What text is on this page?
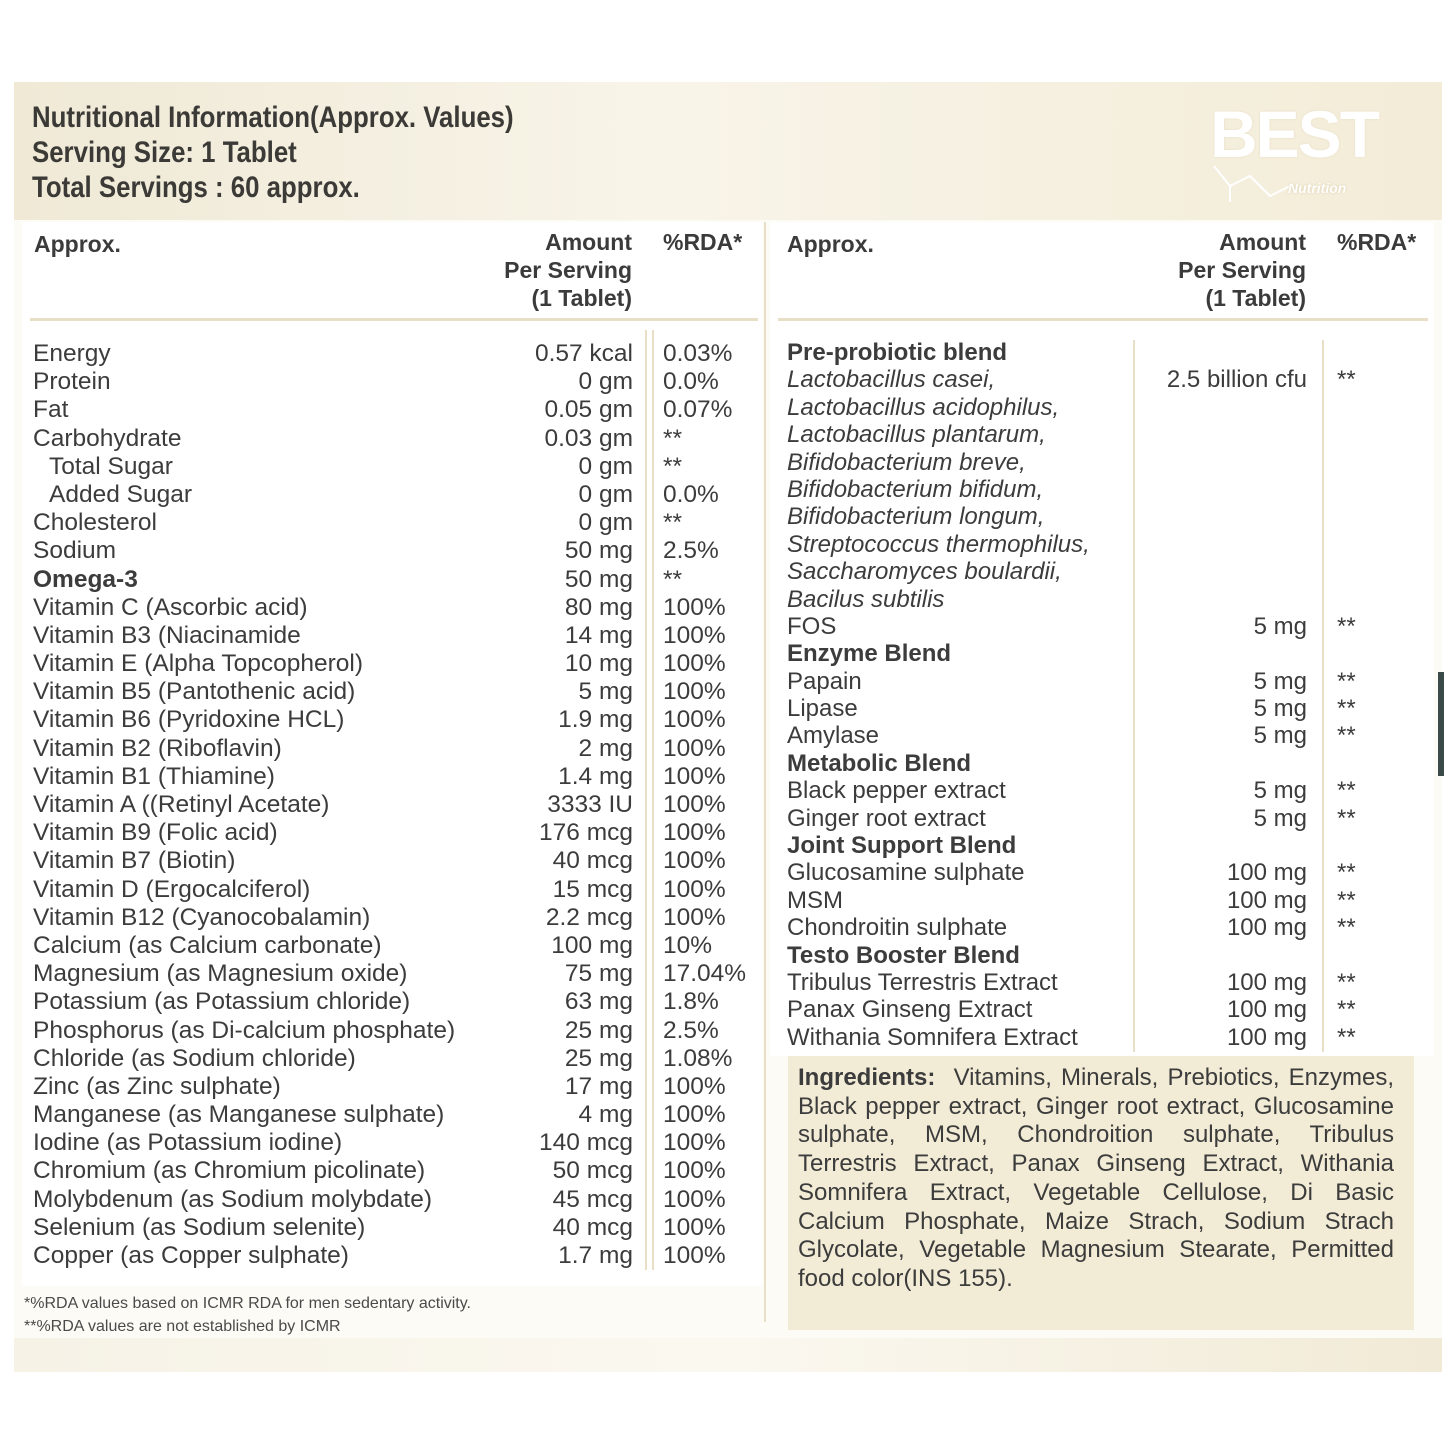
Nutritional Information(Approx. Values)
Serving Size: 1 Tablet
Total Servings : 60 approx.
BEST
Nutrition
Approx.	Amount
Per Serving
(1 Tablet)
%RDA*
Energy	0.57 kcal 0.03%
Protein	0 gm 0.0%
Fat	0.05 gm 0.07%
Carbohydrate	0.03 gm **
Total Sugar	0 gm **
Added Sugar	0 gm 0.0%
Cholesterol	0 gm **
Sodium	50 mg 2.5%
Omega-3	50 mg **
Vitamin C (Ascorbic acid)	80 mg 100%
Vitamin B3 (Niacinamide	14 mg 100%
Vitamin E (Alpha Topcopherol)	10 mg 100%
Vitamin B5 (Pantothenic acid)	5 mg 100%
Vitamin B6 (Pyridoxine HCL)	1.9 mg 100%
Vitamin B2 (Riboflavin)	2 mg 100%
Vitamin B1 (Thiamine)	1.4 mg 100%
Vitamin A ((Retinyl Acetate)	3333 IU 100%
Vitamin B9 (Folic acid)	176 mcg 100%
Vitamin B7 (Biotin)	40 mcg 100%
Vitamin D (Ergocalciferol)	15 mcg 100%
Vitamin B12 (Cyanocobalamin)	2.2 mcg 100%
Calcium (as Calcium carbonate)	100 mg 10%
Magnesium (as Magnesium oxide)	75 mg 17.04%
Potassium (as Potassium chloride)	63 mg 1.8%
Phosphorus (as Di-calcium phosphate)	25 mg 2.5%
Chloride (as Sodium chloride)	25 mg 1.08%
Zinc (as Zinc sulphate)	17 mg 100%
Manganese (as Manganese sulphate)	4 mg 100%
Iodine (as Potassium iodine)	140 mcg 100%
Chromium (as Chromium picolinate)	50 mcg 100%
Molybdenum (as Sodium molybdate)	45 mcg 100%
Selenium (as Sodium selenite)	40 mcg 100%
Copper (as Copper sulphate)	1.7 mg 100%
Approx.	Amount
Per Serving
(1 Tablet)
%RDA*
Pre-probiotic blend
Lactobacillus casei,	2.5 billion cfu **
Lactobacillus acidophilus,
Lactobacillus plantarum,
Bifidobacterium breve,
Bifidobacterium bifidum,
Bifidobacterium longum,
Streptococcus thermophilus,
Saccharomyces boulardii,
Bacilus subtilis
FOS	5 mg **
Enzyme Blend
Papain	5 mg **
Lipase	5 mg **
Amylase	5 mg **
Metabolic Blend
Black pepper extract	5 mg **
Ginger root extract	5 mg **
Joint Support Blend
Glucosamine sulphate	100 mg **
MSM	100 mg **
Chondroitin sulphate	100 mg **
Testo Booster Blend
Tribulus Terrestris Extract	100 mg **
Panax Ginseng Extract	100 mg **
Withania Somnifera Extract	100 mg **
Ingredients: Vitamins, Minerals, Prebiotics, Enzymes, Black pepper extract, Ginger root extract, Glucosamine sulphate, MSM, Chondroition sulphate, Tribulus Terrestris Extract, Panax Ginseng Extract, Withania Somnifera Extract, Vegetable Cellulose, Di Basic Calcium Phosphate, Maize Strach, Sodium Strach Glycolate, Vegetable Magnesium Stearate, Permitted food color(INS 155).
*%RDA values based on ICMR RDA for men sedentary activity.
**%RDA values are not established by ICMR
